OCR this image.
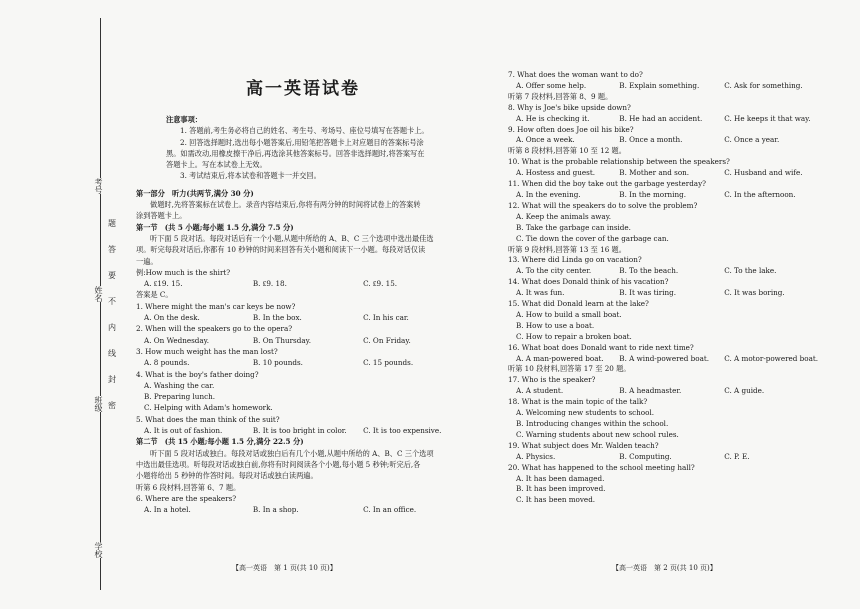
考号
姓名
班级
学校
题
答
要
不
内
线
封
密
高一英语试卷
注意事项：
1. 答题前,考生务必将自己的姓名、考生号、考场号、座位号填写在答题卡上。
2. 回答选择题时,选出每小题答案后,用铅笔把答题卡上对应题目的答案标号涂
黑。如需改动,用橡皮擦干净后,再选涂其他答案标号。回答非选择题时,将答案写在
答题卡上。写在本试卷上无效。
3. 考试结束后,将本试卷和答题卡一并交回。
第一部分　听力(共两节,满分 30 分)
做题时,先将答案标在试卷上。录音内容结束后,你将有两分钟的时间将试卷上的答案转
涂到答题卡上。
第一节　(共 5 小题;每小题 1.5 分,满分 7.5 分)
听下面 5 段对话。每段对话后有一个小题,从题中所给的 A、B、C 三个选项中选出最佳选
项。听完每段对话后,你都有 10 秒钟的时间来回答有关小题和阅读下一小题。每段对话仅读
一遍。
例:How much is the shirt?
A. ₤19. 15.	B. ₤9. 18.	C. ₤9. 15.
答案是 C。
1. Where might the man's car keys be now?
A. On the desk.	B. In the box.	C. In his car.
2. When will the speakers go to the opera?
A. On Wednesday.	B. On Thursday.	C. On Friday.
3. How much weight has the man lost?
A. 8 pounds.	B. 10 pounds.	C. 15 pounds.
4. What is the boy's father doing?
A. Washing the car.
B. Preparing lunch.
C. Helping with Adam's homework.
5. What does the man think of the suit?
A. It is out of fashion.	B. It is too bright in color.	C. It is too expensive.
第二节　(共 15 小题;每小题 1.5 分,满分 22.5 分)
听下面 5 段对话或独白。每段对话或独白后有几个小题,从题中所给的 A、B、C 三个选项
中选出最佳选项。听每段对话或独白前,你将有时间阅读各个小题,每小题 5 秒钟;听完后,各
小题将给出 5 秒钟的作答时间。每段对话或独白读两遍。
听第 6 段材料,回答第 6、7 题。
6. Where are the speakers?
A. In a hotel.	B. In a shop.	C. In an office.
7. What does the woman want to do?
A. Offer some help.	B. Explain something.	C. Ask for something.
听第 7 段材料,回答第 8、9 题。
8. Why is Joe's bike upside down?
A. He is checking it.	B. He had an accident.	C. He keeps it that way.
9. How often does Joe oil his bike?
A. Once a week.	B. Once a month.	C. Once a year.
听第 8 段材料,回答第 10 至 12 题。
10. What is the probable relationship between the speakers?
A. Hostess and guest.	B. Mother and son.	C. Husband and wife.
11. When did the boy take out the garbage yesterday?
A. In the evening.	B. In the morning.	C. In the afternoon.
12. What will the speakers do to solve the problem?
A. Keep the animals away.
B. Take the garbage can inside.
C. Tie down the cover of the garbage can.
听第 9 段材料,回答第 13 至 16 题。
13. Where did Linda go on vacation?
A. To the city center.	B. To the beach.	C. To the lake.
14. What does Donald think of his vacation?
A. It was fun.	B. It was tiring.	C. It was boring.
15. What did Donald learn at the lake?
A. How to build a small boat.
B. How to use a boat.
C. How to repair a broken boat.
16. What boat does Donald want to ride next time?
A. A man-powered boat.	B. A wind-powered boat.	C. A motor-powered boat.
听第 10 段材料,回答第 17 至 20 题。
17. Who is the speaker?
A. A student.	B. A headmaster.	C. A guide.
18. What is the main topic of the talk?
A. Welcoming new students to school.
B. Introducing changes within the school.
C. Warning students about new school rules.
19. What subject does Mr. Walden teach?
A. Physics.	B. Computing.	C. P. E.
20. What has happened to the school meeting hall?
A. It has been damaged.
B. It has been improved.
C. It has been moved.
【高一英语　第 1 页(共 10 页)】	【高一英语　第 2 页(共 10 页)】
